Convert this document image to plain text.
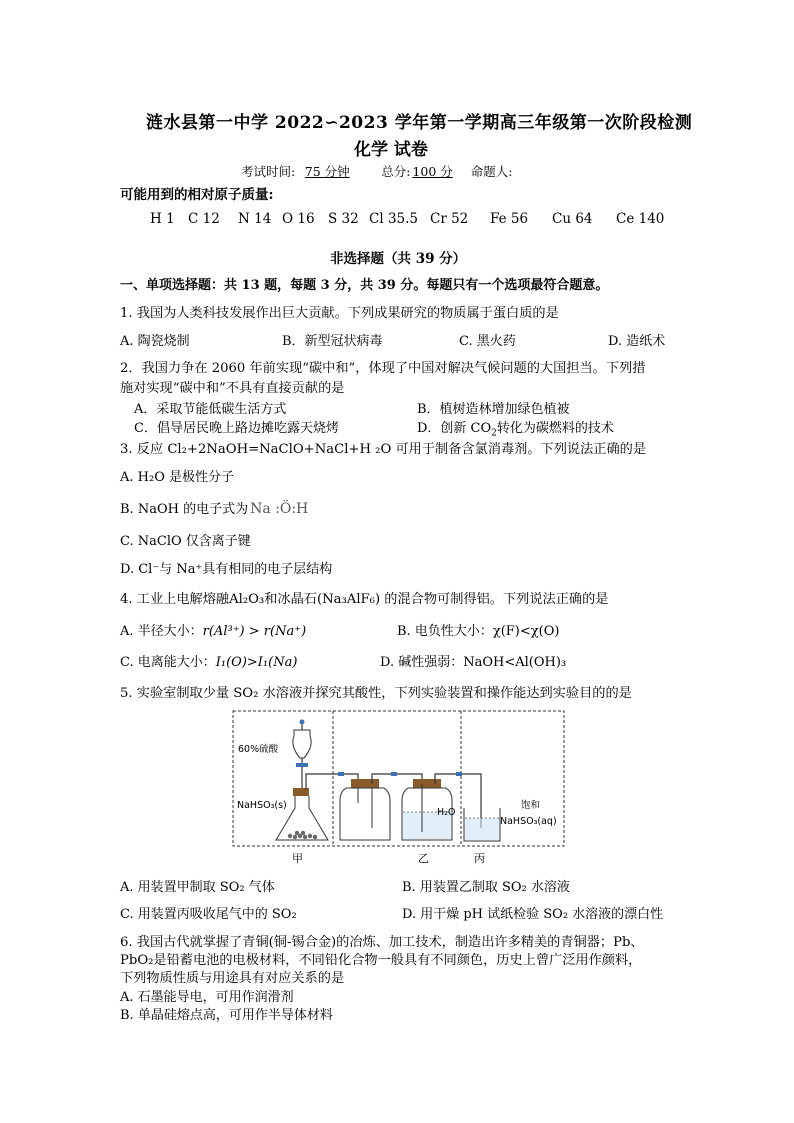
涟水县第一中学 2022∽2023 学年第一学期高三年级第一次阶段检测
化学 试卷
考试时间: 75 分钟	总分: 100 分 命题人:
可能用到的相对原子质量:
H 1 C 12 N 14 O 16 S 32 Cl 35.5 Cr 52 Fe 56 Cu 64 Ce 140
非选择题（共 39 分）
一、单项选择题：共 13 题，每题 3 分，共 39 分。每题只有一个选项最符合题意。
1. 我国为人类科技发展作出巨大贡献。下列成果研究的物质属于蛋白质的是
A. 陶瓷烧制	B．新型冠状病毒	C. 黑火药	D. 造纸术
2．我国力争在 2060 年前实现“碳中和”，体现了中国对解决气候问题的大国担当。下列措
施对实现“碳中和”不具有直接贡献的是
A．采取节能低碳生活方式	B．植树造林增加绿色植被
C．倡导居民晚上路边摊吃露天烧烤	D．创新 $CO_2$转化为碳燃料的技术
3. 反应 Cl₂+2NaOH=NaClO+NaCl+H ₂O 可用于制备含氯消毒剂。下列说法正确的是
A. H₂O 是极性分子
B. NaOH 的电子式为 Na :Ö:H
C. NaClO 仅含离子键
D. Cl⁻与 Na⁺具有相同的电子层结构
4. 工业上电解熔融Al₂O₃和冰晶石(Na₃AlF₆) 的混合物可制得铝。下列说法正确的是
A. 半径大小：r(Al³⁺) > r(Na⁺)	B. 电负性大小：χ(F)<χ(O)
C. 电离能大小：I₁(O)>I₁(Na)	D. 碱性强弱：NaOH<Al(OH)₃
5. 实验室制取少量 SO₂ 水溶液并探究其酸性，下列实验装置和操作能达到实验目的的是
60%硫酸
NaHSO₃(s)
H₂O
饱和
NaHSO₃(aq)
甲	乙	丙
A. 用装置甲制取 SO₂ 气体	B. 用装置乙制取 SO₂ 水溶液
C. 用装置丙吸收尾气中的 SO₂	D. 用干燥 pH 试纸检验 SO₂ 水溶液的漂白性
6. 我国古代就掌握了青铜(铜-锡合金)的冶炼、加工技术，制造出许多精美的青铜器；Pb、
PbO₂是铅蓄电池的电极材料，不同铅化合物一般具有不同颜色，历史上曾广泛用作颜料，
下列物质性质与用途具有对应关系的是
A. 石墨能导电，可用作润滑剂
B. 单晶硅熔点高，可用作半导体材料
